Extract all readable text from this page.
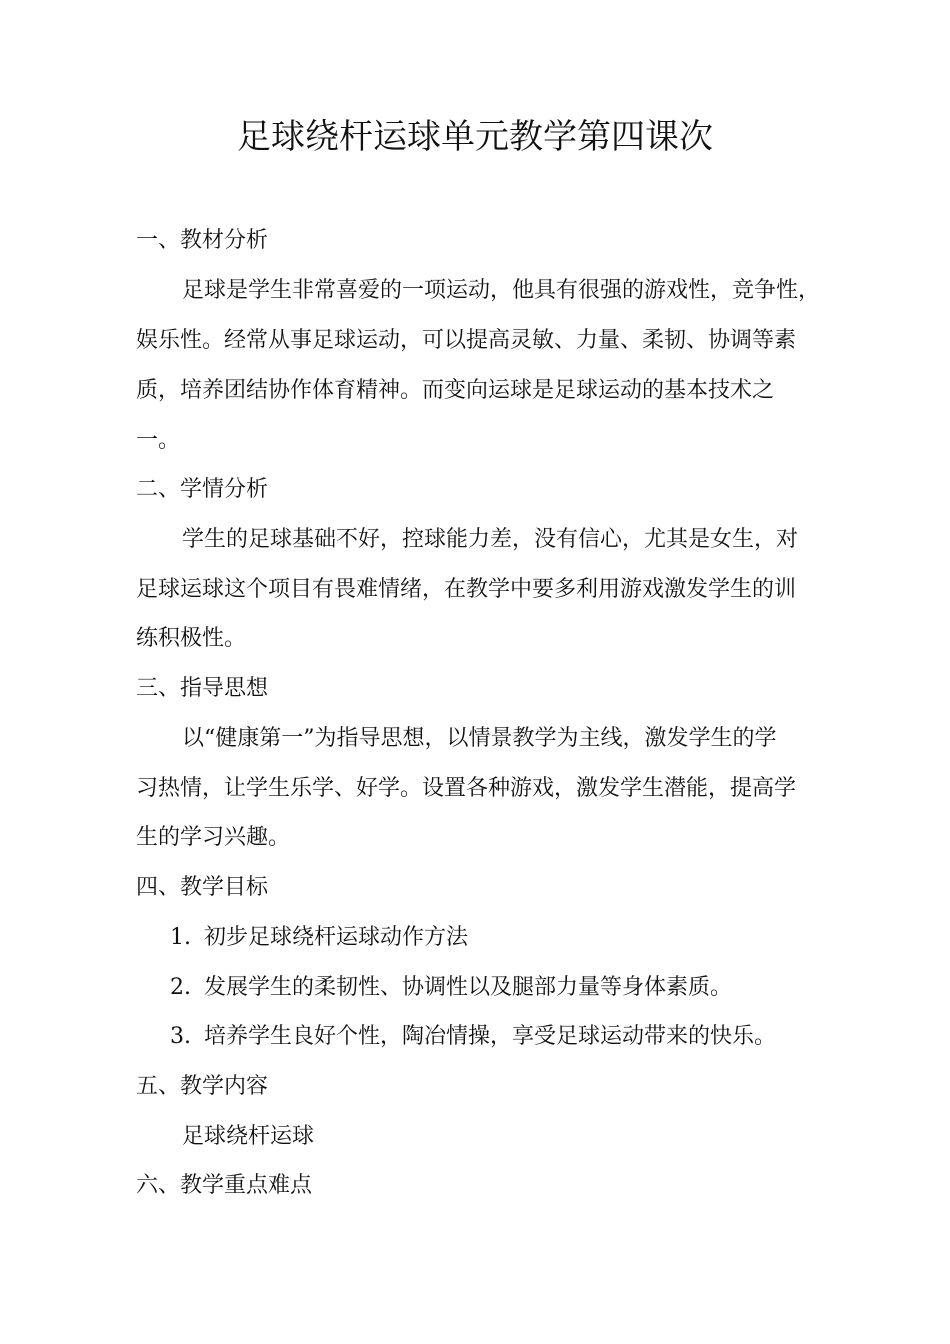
足球绕杆运球单元教学第四课次
一、教材分析
足球是学生非常喜爱的一项运动，他具有很强的游戏性，竞争性，
娱乐性。经常从事足球运动，可以提高灵敏、力量、柔韧、协调等素
质，培养团结协作体育精神。而变向运球是足球运动的基本技术之
一。
二、学情分析
学生的足球基础不好，控球能力差，没有信心，尤其是女生，对
足球运球这个项目有畏难情绪，在教学中要多利用游戏激发学生的训
练积极性。
三、指导思想
以“健康第一”为指导思想，以情景教学为主线，激发学生的学
习热情，让学生乐学、好学。设置各种游戏，激发学生潜能，提高学
生的学习兴趣。
四、教学目标
1. 初步足球绕杆运球动作方法
2. 发展学生的柔韧性、协调性以及腿部力量等身体素质。
3. 培养学生良好个性，陶冶情操，享受足球运动带来的快乐。
五、教学内容
足球绕杆运球
六、教学重点难点
